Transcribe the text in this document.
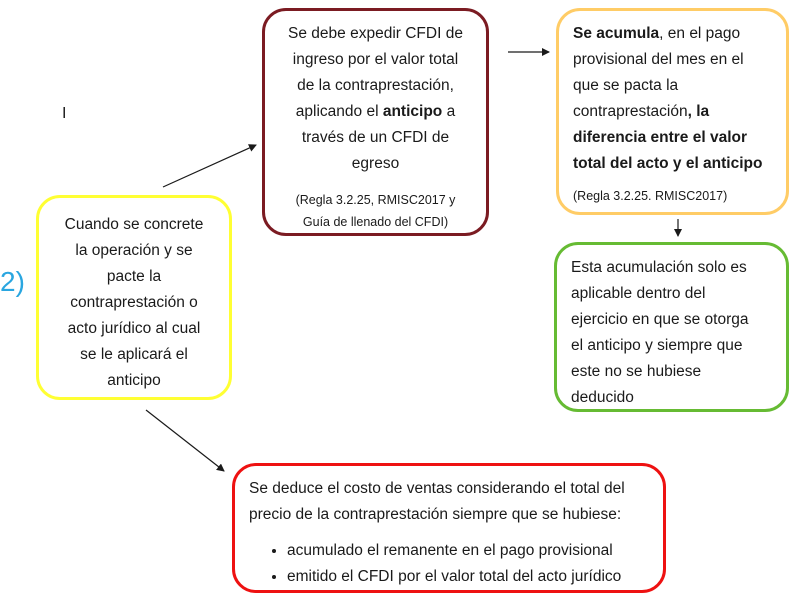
2)
I
Cuando se concrete
la operación y se
pacte la
contraprestación o
acto jurídico al cual
se le aplicará el
anticipo
Se debe expedir CFDI de
ingreso por el valor total
de la contraprestación,
aplicando el anticipo a
través de un CFDI de
egreso
(Regla 3.2.25, RMISC2017 y
Guía de llenado del CFDI)
Se acumula, en el pago
provisional del mes en el
que se pacta la
contraprestación, la
diferencia entre el valor
total del acto y el anticipo
(Regla 3.2.25. RMISC2017)
Esta acumulación solo es
aplicable dentro del
ejercicio en que se otorga
el anticipo y siempre que
este no se hubiese
deducido
Se deduce el costo de ventas considerando el total del
precio de la contraprestación siempre que se hubiese:
• acumulado el remanente en el pago provisional
• emitido el CFDI por el valor total del acto jurídico
